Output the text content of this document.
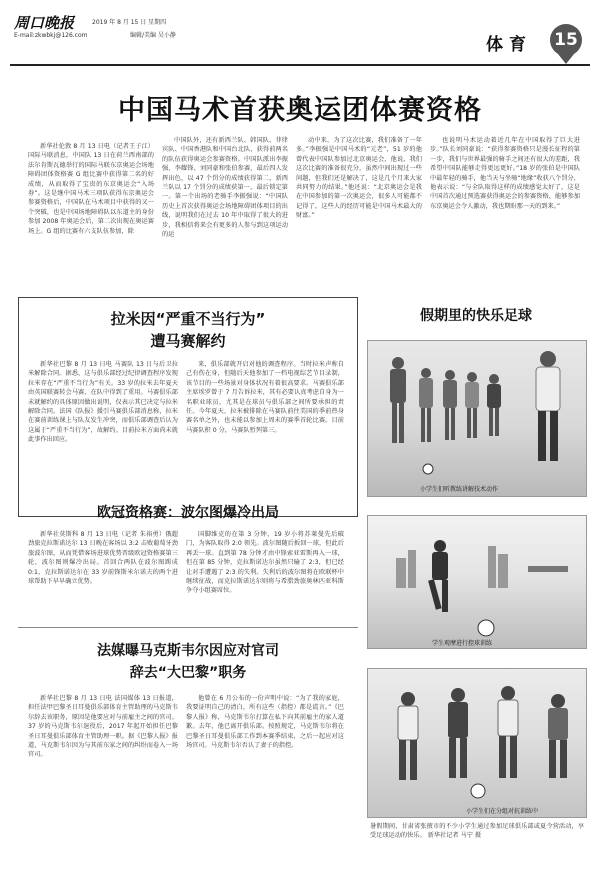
周口晚报
E-mail:zkwbkj@126.com
2019 年 8 月 15 日 星期四
编辑/美编 吴小静	体育 15
中国马术首获奥运团体赛资格
新华社伦敦 8 月 13 日电（记者王子江）国际马联消息，中国队 13 日在荷兰西南部的法尔肯斯瓦德举行的国际马联东京奥运会场地障碍团体资格赛 G 组比赛中获得第二名的好成绩，从而取得了宝贵的东京奥运会“入场券”。这是继中国马术三项队获得东京奥运会参赛资格后，中国队在马术项目中获得的又一个突破，也是中国场地障碍队以东道主的身份参加 2008 年奥运会后，第二次出现在奥运赛场上。G 组的比赛有六支队伍参加，除
中国队外，还有新西兰队、韩国队、菲律宾队、中国香港队和中国台北队，获得前两名的队伍获得奥运会参赛资格。中国队派出李振强、李耀锋、刘同豪和张伯参赛，最后四人发挥出色，以 47 个罚分的成绩获得第二，新西兰队以 17 个罚分的成绩获第一，最后锁定第一。第一个出场的老骑手李振强说：“中国队历史上首次获得奥运会场地障碍团体项目的出线，说明我们在过去 10 年中取得了很大的进步，我相信将来会有更多的人参与到这项运动的运
动中来，为了这次比赛，我们准备了一年多。”李振强是中国马术的“元老”，51 岁的他曾代表中国队参加过北京奥运会，他说，我们这次比赛的准备很充分，虽然中间出现过一些问题，但我们还是解决了，这是几个月来大家共同努力的结果。”他还说：“北京奥运会是我在中国参加的第一次奥运会，很多人可能都不记得了，这些人的经历可能是中国马术最大的财富。”
也说明马术运动着近几年在中国取得了巨大进步。”队长刘同豪说：“获得参赛资格只是漫长征程的第一步，我们与世界最强的骑手之间还有很大的差距，我希望中国队能够走得更远更好。”18 岁的张伯是中国队中最年轻的骑手，他当天与坐骑“地缘”收获八个罚分，他表示说：“与全队取得这样的成绩感觉太好了，这是中国首次通过预选赛获得奥运会的参赛资格，能够参加东京奥运会令人激动，我也期盼那一天的到来。”
拉米因“严重不当行为”
遭马赛解约
新华社巴黎 8 月 13 日电 马赛队 13 日与后卫拉米解除合同。据悉，这与俱乐部经过纪律调查程序发现拉米存在“严重不当行为”有关。33 岁的拉米去年夏天由英国联赛转会马赛，在队中得到了重用。马赛俱乐部未就解约的具体原因做出说明，仅表示其已决定与拉米解除合同。法国《队报》援引马赛俱乐部消息称，拉米在赛前训练课上与队友发生冲突，而俱乐部调查后认为这属于“严重不当行为”，故解约。目前拉米方面尚未就此事作出回应。
来，俱乐部就开启对他的调查程序。当时拉米声称自己有伤在身，但随后天他参加了一档电视综艺节目录制，该节目的一些场景对身体状况有着很高要求。马赛俱乐部主席埃罗曾于 7 月告诉拉米，其有必要认真考虑自身为一名职业球员，尤其是在球员与俱乐部之间所要承担的责任。今年夏天，拉米被排除在马赛队前往美国的季前热身赛名单之外，也未能以参加上周末的赛季首轮比赛。目前马赛队积 0 分，马赛队暂列第三。
欧冠资格赛：波尔图爆冷出局
新华社莫斯科 8 月 13 日电（记者 朱裕勇）俄超劲旅克拉斯诺达尔 13 日晚在客场以 3:2 击败葡萄牙劲旅波尔图，从而凭借客场进球优势晋级欧冠资格赛第三轮，波尔图则爆冷出局。首回合两队在波尔图踢成 0:1，克拉斯诺达尔在 33 岁前锋斯米尔诺夫的两个进球帮助下早早确立优势。
国脚维克的在第 3 分钟，19 岁小将苏莱曼先后破门，为客队取得 2:0 领先。波尔图随后扳回一球，但此后再丢一球。直到第 78 分钟才由中锋索亚雷斯再入一球，但在第 85 分钟，克拉斯诺达尔虽然只输了 2:3，但已经让对手遭遇了 2:3 的失利。失利后的波尔图将在欧联杯中继续征战，而克拉斯诺达尔则将与希腊劲旅奥林匹亚科斯争夺小组赛席位。
法媒曝马克斯韦尔因应对官司
辞去“大巴黎”职务
新华社巴黎 8 月 13 日电 法国媒体 13 日报道，担任法甲巴黎圣日耳曼俱乐部体育主管助理的马克斯韦尔辞去该职务，原因是他要应对与前雇主之间的官司。37 岁的马克斯韦尔退役后，2017 年起开始担任巴黎圣日耳曼俱乐部体育主管助理一职。据《巴黎人报》报道，马克斯韦尔因为与其前东家之间的纠纷而卷入一场官司。
他曾在 6 月公布的一份声明中说：“为了我的家庭，我要证明自己的清白，所有这些（指控）都是谎言。”《巴黎人报》称，马克斯韦尔打算在私下向其前雇主的家人道歉。去年，他已离开俱乐部。按照规定，马克斯韦尔将在巴黎圣日耳曼俱乐部工作到本赛季结束，之后一起应对这场官司。马克斯韦尔否认了妻子的指控。
假期里的快乐足球
小学生们听教练讲解技术动作
学生观摩进行控球训练
小学生们在分组对抗训练中
暑假期间，甘肃省张掖市的不少小学生通过参加足球俱乐部或夏令营活动，享受足球运动的快乐。 新华社记者 马宁 摄
